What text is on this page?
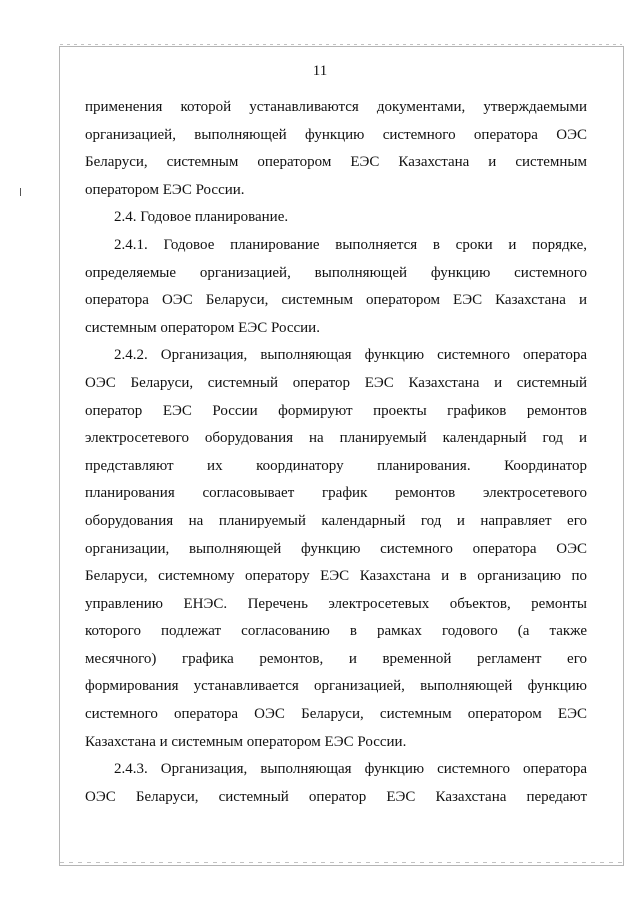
11
применения которой устанавливаются документами, утверждаемыми
организацией, выполняющей функцию системного оператора ОЭС
Беларуси, системным оператором ЕЭС Казахстана и системным
оператором ЕЭС России.
2.4. Годовое планирование.
2.4.1. Годовое планирование выполняется в сроки и порядке,
определяемые организацией, выполняющей функцию системного
оператора ОЭС Беларуси, системным оператором ЕЭС Казахстана и
системным оператором ЕЭС России.
2.4.2. Организация, выполняющая функцию системного оператора
ОЭС Беларуси, системный оператор ЕЭС Казахстана и системный
оператор ЕЭС России формируют проекты графиков ремонтов
электросетевого оборудования на планируемый календарный год и
представляют их координатору планирования. Координатор
планирования согласовывает график ремонтов электросетевого
оборудования на планируемый календарный год и направляет его
организации, выполняющей функцию системного оператора ОЭС
Беларуси, системному оператору ЕЭС Казахстана и в организацию по
управлению ЕНЭС. Перечень электросетевых объектов, ремонты
которого подлежат согласованию в рамках годового (а также
месячного) графика ремонтов, и временной регламент его
формирования устанавливается организацией, выполняющей функцию
системного оператора ОЭС Беларуси, системным оператором ЕЭС
Казахстана и системным оператором ЕЭС России.
2.4.3. Организация, выполняющая функцию системного оператора
ОЭС Беларуси, системный оператор ЕЭС Казахстана передают
